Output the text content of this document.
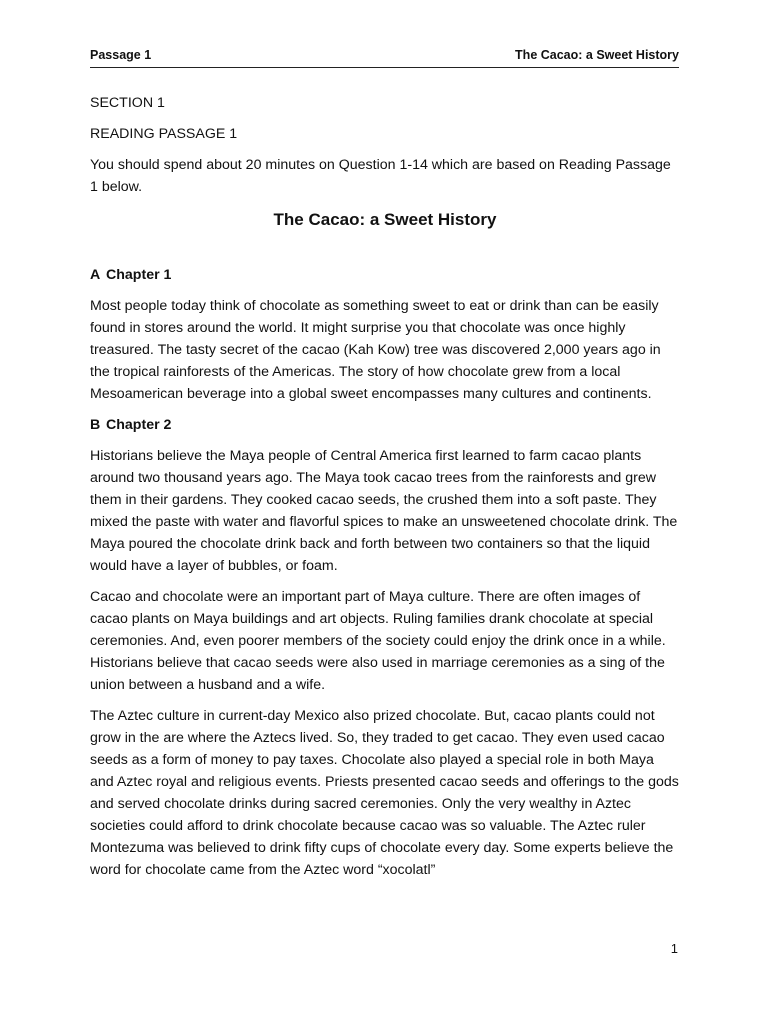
Passage 1	The Cacao: a Sweet History

SECTION 1

READING PASSAGE 1

You should spend about 20 minutes on Question 1-14 which are based on Reading Passage 1 below.

The Cacao: a Sweet History

A Chapter 1

Most people today think of chocolate as something sweet to eat or drink than can be easily found in stores around the world. It might surprise you that chocolate was once highly treasured. The tasty secret of the cacao (Kah Kow) tree was discovered 2,000 years ago in the tropical rainforests of the Americas. The story of how chocolate grew from a local Mesoamerican beverage into a global sweet encompasses many cultures and continents.

B Chapter 2

Historians believe the Maya people of Central America first learned to farm cacao plants around two thousand years ago. The Maya took cacao trees from the rainforests and grew them in their gardens. They cooked cacao seeds, the crushed them into a soft paste. They mixed the paste with water and flavorful spices to make an unsweetened chocolate drink. The Maya poured the chocolate drink back and forth between two containers so that the liquid would have a layer of bubbles, or foam.

Cacao and chocolate were an important part of Maya culture. There are often images of cacao plants on Maya buildings and art objects. Ruling families drank chocolate at special ceremonies. And, even poorer members of the society could enjoy the drink once in a while. Historians believe that cacao seeds were also used in marriage ceremonies as a sing of the union between a husband and a wife.

The Aztec culture in current-day Mexico also prized chocolate. But, cacao plants could not grow in the are where the Aztecs lived. So, they traded to get cacao. They even used cacao seeds as a form of money to pay taxes. Chocolate also played a special role in both Maya and Aztec royal and religious events. Priests presented cacao seeds and offerings to the gods and served chocolate drinks during sacred ceremonies. Only the very wealthy in Aztec societies could afford to drink chocolate because cacao was so valuable. The Aztec ruler Montezuma was believed to drink fifty cups of chocolate every day. Some experts believe the word for chocolate came from the Aztec word “xocolatl”

1
